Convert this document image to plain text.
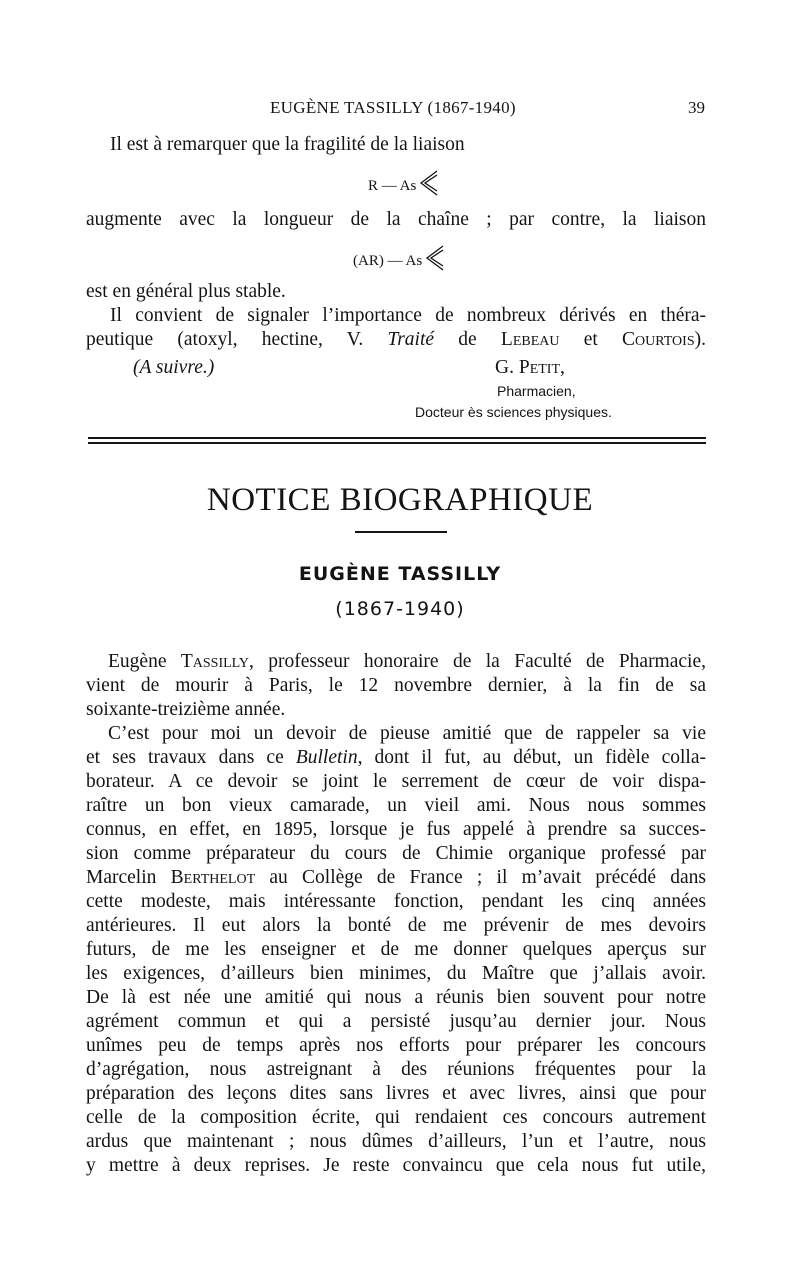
EUGÈNE TASSILLY (1867-1940)	39
Il est à remarquer que la fragilité de la liaison
R — As
augmente avec la longueur de la chaîne ; par contre, la liaison
(AR) — As
est en général plus stable.
Il convient de signaler l’importance de nombreux dérivés en théra-
peutique (atoxyl, hectine, V. Traité de Lebeau et Courtois).
(A suivre.)	G. Petit,
Pharmacien,
Docteur ès sciences physiques.
NOTICE BIOGRAPHIQUE
EUGÈNE TASSILLY
(1867-1940)
Eugène Tassilly, professeur honoraire de la Faculté de Pharmacie,
vient de mourir à Paris, le 12 novembre dernier, à la fin de sa
soixante-treizième année.
C’est pour moi un devoir de pieuse amitié que de rappeler sa vie
et ses travaux dans ce Bulletin, dont il fut, au début, un fidèle colla-
borateur. A ce devoir se joint le serrement de cœur de voir dispa-
raître un bon vieux camarade, un vieil ami. Nous nous sommes
connus, en effet, en 1895, lorsque je fus appelé à prendre sa succes-
sion comme préparateur du cours de Chimie organique professé par
Marcelin Berthelot au Collège de France ; il m’avait précédé dans
cette modeste, mais intéressante fonction, pendant les cinq années
antérieures. Il eut alors la bonté de me prévenir de mes devoirs
futurs, de me les enseigner et de me donner quelques aperçus sur
les exigences, d’ailleurs bien minimes, du Maître que j’allais avoir.
De là est née une amitié qui nous a réunis bien souvent pour notre
agrément commun et qui a persisté jusqu’au dernier jour. Nous
unîmes peu de temps après nos efforts pour préparer les concours
d’agrégation, nous astreignant à des réunions fréquentes pour la
préparation des leçons dites sans livres et avec livres, ainsi que pour
celle de la composition écrite, qui rendaient ces concours autrement
ardus que maintenant ; nous dûmes d’ailleurs, l’un et l’autre, nous
y mettre à deux reprises. Je reste convaincu que cela nous fut utile,
